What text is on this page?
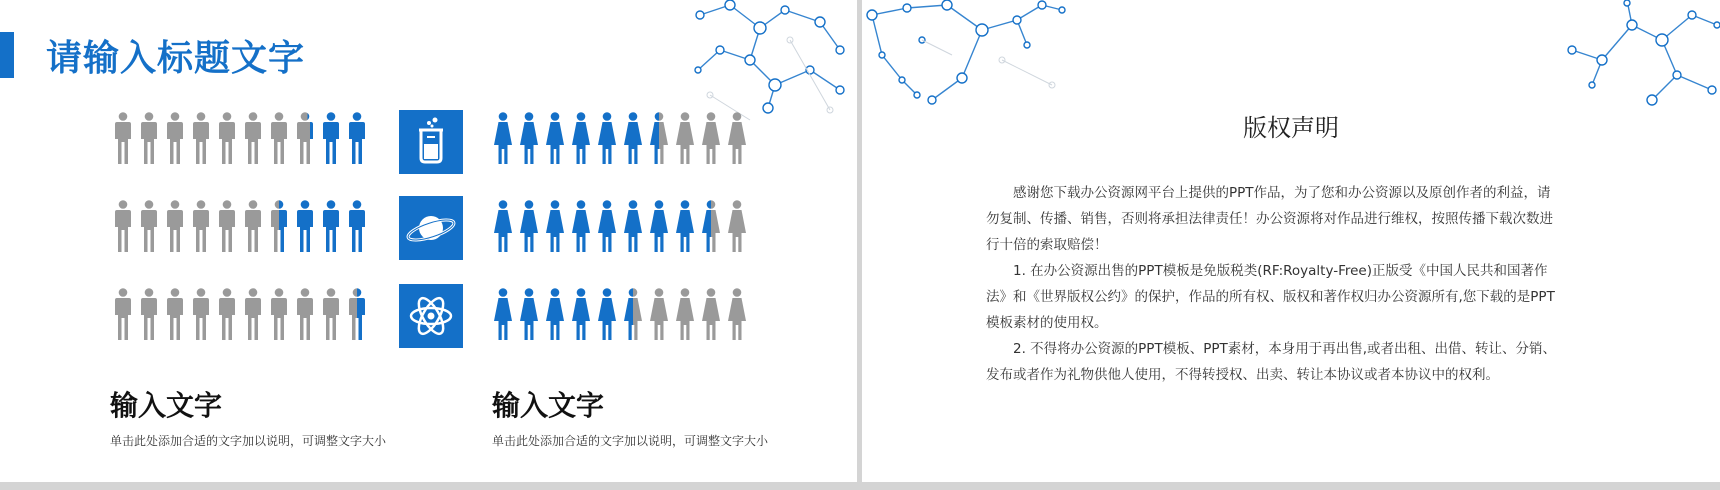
请输入标题文字
输入文字
单击此处添加合适的文字加以说明，可调整文字大小
输入文字
单击此处添加合适的文字加以说明，可调整文字大小
版权声明

感谢您下载办公资源网平台上提供的PPT作品，为了您和办公资源以及原创作者的利益，请勿复制、传播、销售，否则将承担法律责任！办公资源将对作品进行维权，按照传播下载次数进行十倍的索取赔偿！

1. 在办公资源出售的PPT模板是免版税类(RF:Royalty-Free)正版受《中国人民共和国著作法》和《世界版权公约》的保护，作品的所有权、版权和著作权归办公资源所有,您下载的是PPT模板素材的使用权。

2. 不得将办公资源的PPT模板、PPT素材，本身用于再出售,或者出租、出借、转让、分销、发布或者作为礼物供他人使用，不得转授权、出卖、转让本协议或者本协议中的权利。
